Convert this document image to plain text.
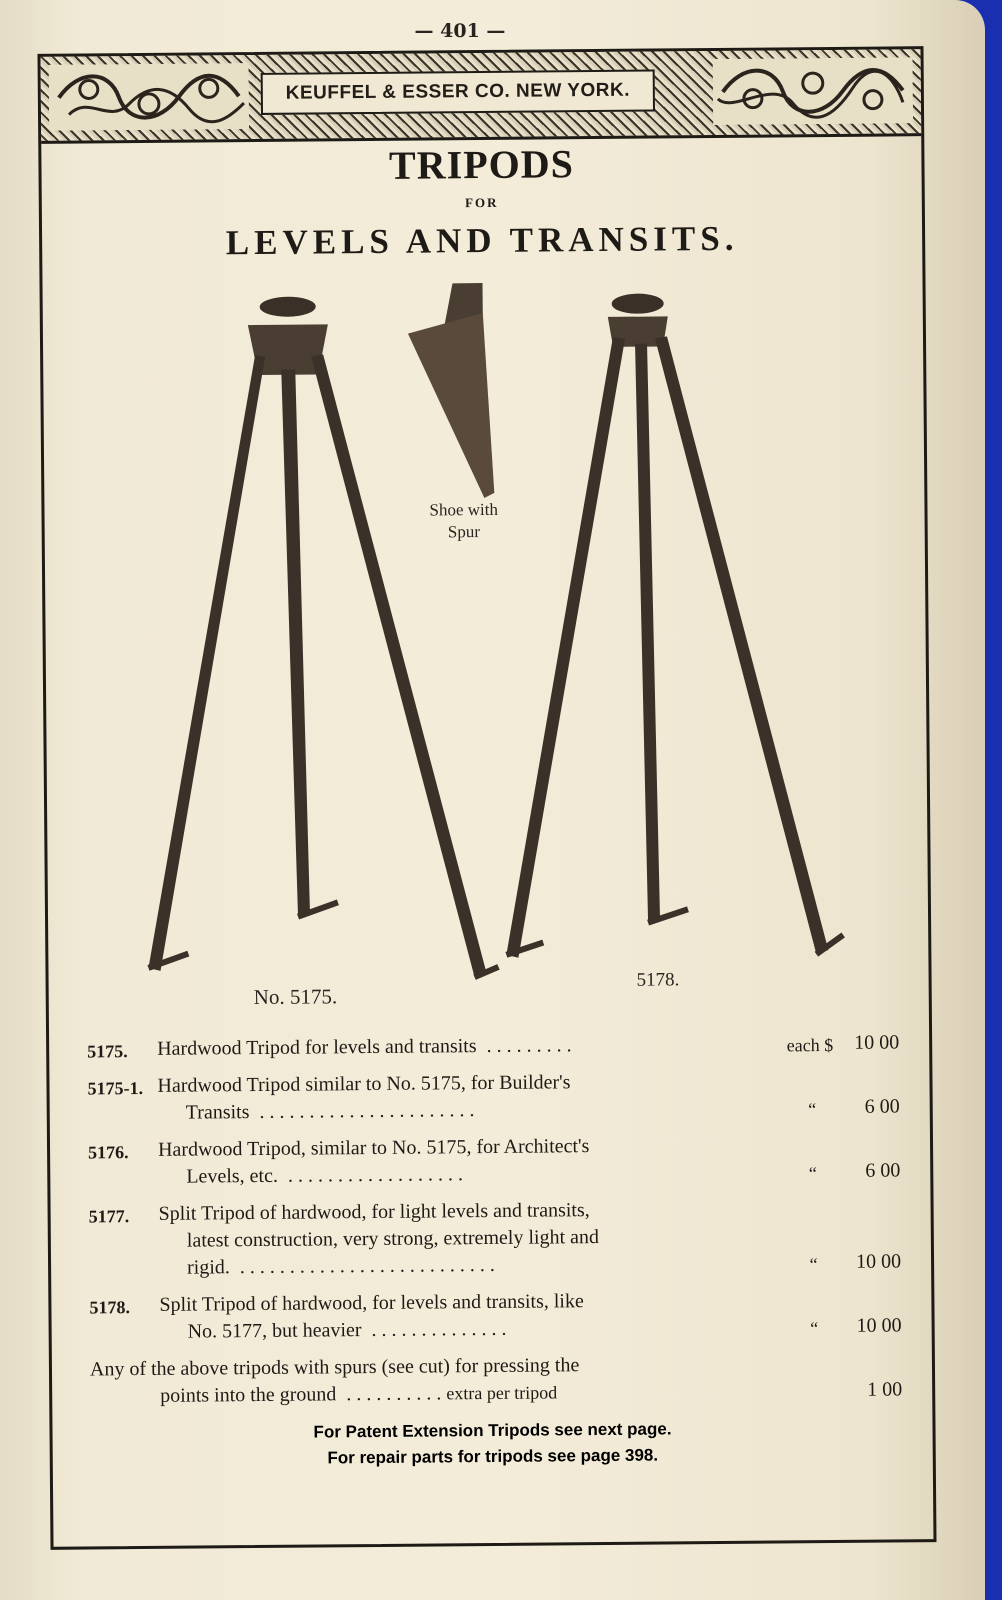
— 401 —
KEUFFEL & ESSER CO. NEW YORK.
TRIPODS
FOR
LEVELS AND TRANSITS.
Shoe with
Spur
No. 5175.
5178.
5175.	Hardwood Tripod for levels and transits .........	each $	10 00
5175-1. Hardwood Tripod similar to No. 5175, for Builder's
Transits ......................	“	6 00
5176.	Hardwood Tripod, similar to No. 5175, for Architect's
Levels, etc. ..................	“	6 00
5177.	Split Tripod of hardwood, for light levels and transits,
latest construction, very strong, extremely light and
rigid. ..........................	“	10 00
5178.	Split Tripod of hardwood, for levels and transits, like
No. 5177, but heavier ..............	“	10 00
Any of the above tripods with spurs (see cut) for pressing the
points into the ground ..........extra per tripod	1 00
For Patent Extension Tripods see next page.
For repair parts for tripods see page 398.
